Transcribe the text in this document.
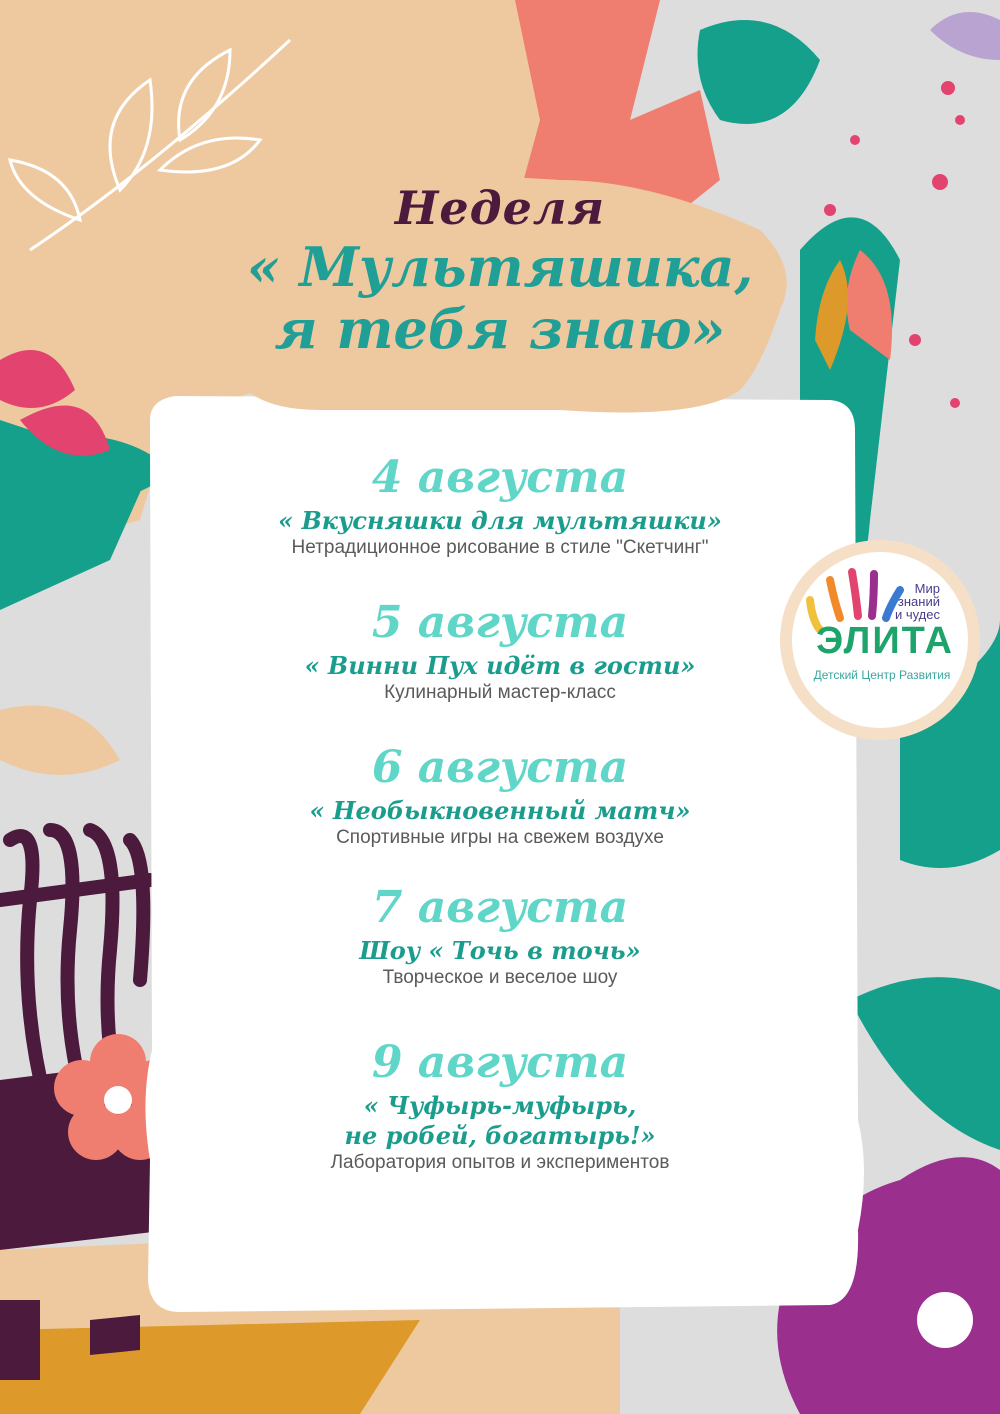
Неделя
« Мультяшика,
я тебя знаю»
4 августа
« Вкусняшки для мультяшки»
Нетрадиционное рисование в стиле "Скетчинг"
5 августа
« Винни Пух идёт в гости»
Кулинарный мастер-класс
6 августа
« Необыкновенный матч»
Спортивные игры на свежем воздухе
7 августа
Шоу « Точь в точь»
Творческое и веселое шоу
9 августа
« Чуфырь-муфырь,
не робей, богатырь!»
Лаборатория опытов и экспериментов
Мир
знаний
и чудес
ЭЛИТА
Детский Центр Развития
